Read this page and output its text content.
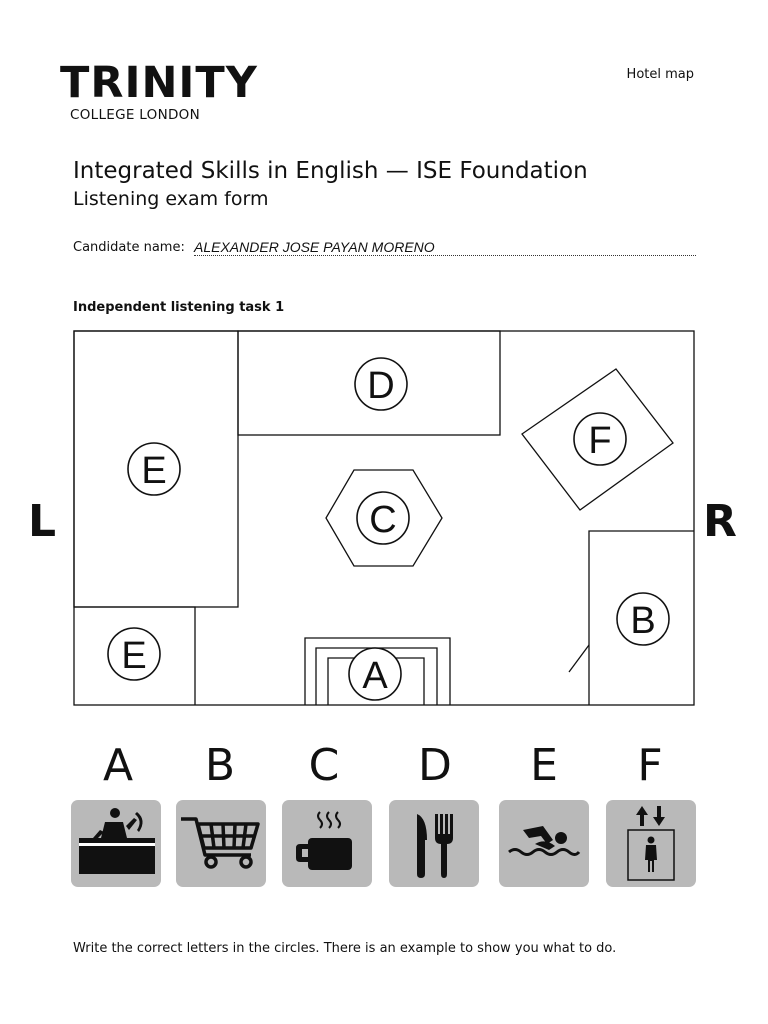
TRINITY
COLLEGE LONDON
Hotel map
Integrated Skills in English — ISE Foundation
Listening exam form
Candidate name: ALEXANDER JOSE PAYAN MORENO
Independent listening task 1
L	R
D
E
C
F
B
E	A
A	B	C	D	E	F
Write the correct letters in the circles. There is an example to show you what to do.
